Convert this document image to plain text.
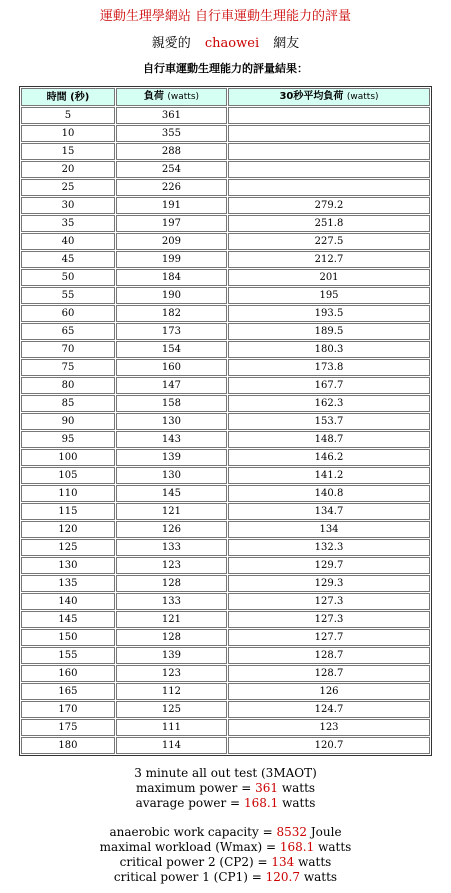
運動生理學網站 自行車運動生理能力的評量
親愛的 chaowei 網友
自行車運動生理能力的評量結果：
時間 (秒)	負荷 (watts)	30秒平均負荷 (watts)
5	361	
10	355	
15	288	
20	254	
25	226	
30	191	279.2
35	197	251.8
40	209	227.5
45	199	212.7
50	184	201
55	190	195
60	182	193.5
65	173	189.5
70	154	180.3
75	160	173.8
80	147	167.7
85	158	162.3
90	130	153.7
95	143	148.7
100	139	146.2
105	130	141.2
110	145	140.8
115	121	134.7
120	126	134
125	133	132.3
130	123	129.7
135	128	129.3
140	133	127.3
145	121	127.3
150	128	127.7
155	139	128.7
160	123	128.7
165	112	126
170	125	124.7
175	111	123
180	114	120.7
3 minute all out test (3MAOT)
maximum power = 361 watts
avarage power = 168.1 watts
anaerobic work capacity = 8532 Joule
maximal workload (Wmax) = 168.1 watts
critical power 2 (CP2) = 134 watts
critical power 1 (CP1) = 120.7 watts
